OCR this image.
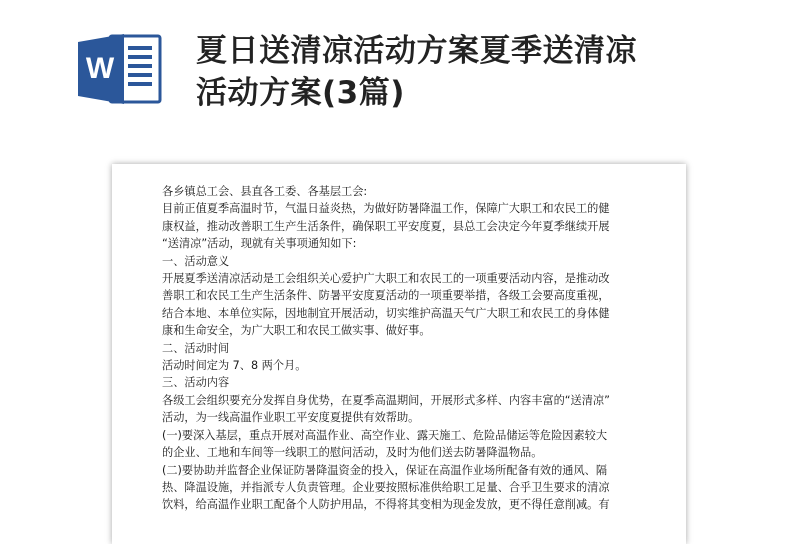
W	夏日送清凉活动方案夏季送清凉
活动方案(3篇)

各乡镇总工会、县直各工委、各基层工会:

目前正值夏季高温时节，气温日益炎热，为做好防暑降温工作，保障广大职工和农民工的健

康权益，推动改善职工生产生活条件，确保职工平安度夏，县总工会决定今年夏季继续开展

“送清凉”活动，现就有关事项通知如下:

一、活动意义

开展夏季送清凉活动是工会组织关心爱护广大职工和农民工的一项重要活动内容，是推动改

善职工和农民工生产生活条件、防暑平安度夏活动的一项重要举措，各级工会要高度重视，

结合本地、本单位实际，因地制宜开展活动，切实维护高温天气广大职工和农民工的身体健

康和生命安全，为广大职工和农民工做实事、做好事。

二、活动时间

活动时间定为 7、8 两个月。

三、活动内容

各级工会组织要充分发挥自身优势，在夏季高温期间，开展形式多样、内容丰富的“送清凉”

活动，为一线高温作业职工平安度夏提供有效帮助。

(一)要深入基层，重点开展对高温作业、高空作业、露天施工、危险品储运等危险因素较大

的企业、工地和车间等一线职工的慰问活动，及时为他们送去防暑降温物品。

(二)要协助并监督企业保证防暑降温资金的投入，保证在高温作业场所配备有效的通风、隔

热、降温设施，并指派专人负责管理。企业要按照标准供给职工足量、合乎卫生要求的清凉

饮料，给高温作业职工配备个人防护用品，不得将其变相为现金发放，更不得任意削减。有
